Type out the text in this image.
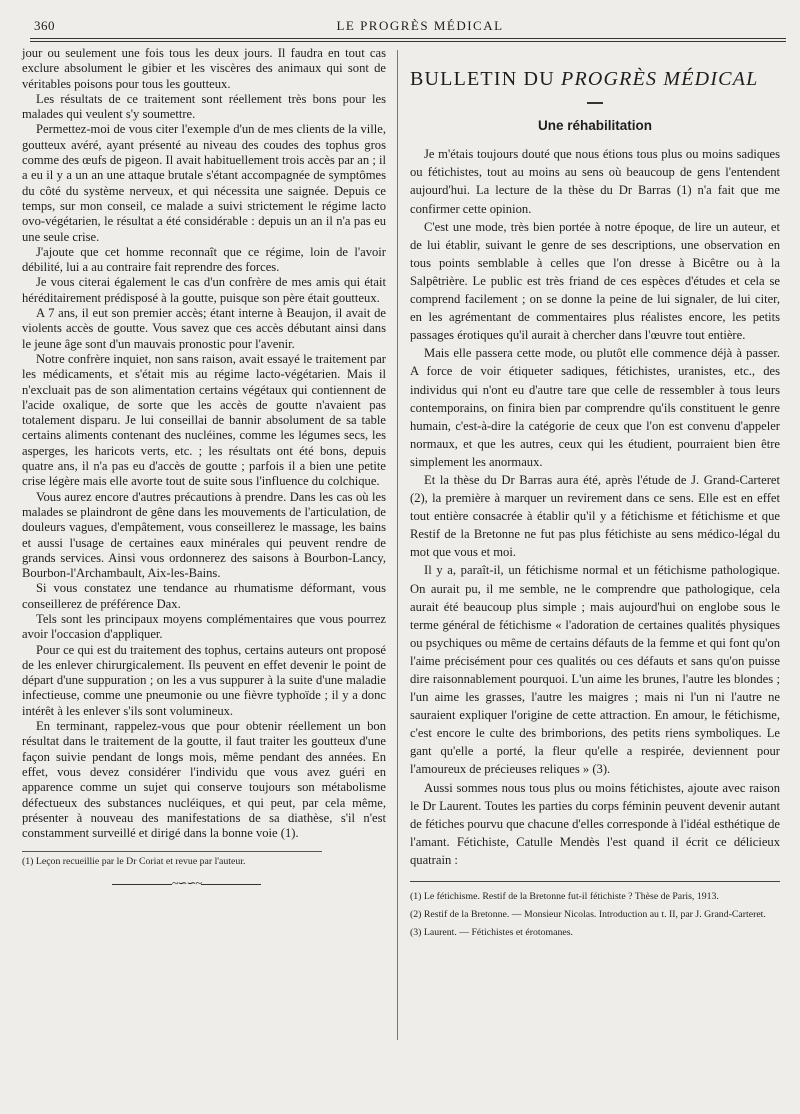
360	LE PROGRÈS MÉDICAL

jour ou seulement une fois tous les deux jours. Il faudra en tout cas exclure absolument le gibier et les viscères des animaux qui sont de véritables poisons pour tous les goutteux.

Les résultats de ce traitement sont réellement très bons pour les malades qui veulent s'y soumettre.

Permettez-moi de vous citer l'exemple d'un de mes clients de la ville, goutteux avéré, ayant présenté au niveau des coudes des tophus gros comme des œufs de pigeon. Il avait habituellement trois accès par an ; il a eu il y a un an une attaque brutale s'étant accompagnée de symptômes du côté du système nerveux, et qui nécessita une saignée. Depuis ce temps, sur mon conseil, ce malade a suivi strictement le régime lacto ovo-végétarien, le résultat a été considérable : depuis un an il n'a pas eu une seule crise.

J'ajoute que cet homme reconnaît que ce régime, loin de l'avoir débilité, lui a au contraire fait reprendre des forces.

Je vous citerai également le cas d'un confrère de mes amis qui était héréditairement prédisposé à la goutte, puisque son père était goutteux.

A 7 ans, il eut son premier accès; étant interne à Beaujon, il avait de violents accès de goutte. Vous savez que ces accès débutant ainsi dans le jeune âge sont d'un mauvais pronostic pour l'avenir.

Notre confrère inquiet, non sans raison, avait essayé le traitement par les médicaments, et s'était mis au régime lacto-végétarien. Mais il n'excluait pas de son alimentation certains végétaux qui contiennent de l'acide oxalique, de sorte que les accès de goutte n'avaient pas totalement disparu. Je lui conseillai de bannir absolument de sa table certains aliments contenant des nucléines, comme les légumes secs, les asperges, les haricots verts, etc. ; les résultats ont été bons, depuis quatre ans, il n'a pas eu d'accès de goutte ; parfois il a bien une petite crise légère mais elle avorte tout de suite sous l'influence du colchique.

Vous aurez encore d'autres précautions à prendre. Dans les cas où les malades se plaindront de gêne dans les mouvements de l'articulation, de douleurs vagues, d'empâtement, vous conseillerez le massage, les bains et aussi l'usage de certaines eaux minérales qui peuvent rendre de grands services. Ainsi vous ordonnerez des saisons à Bourbon-Lancy, Bourbon-l'Archambault, Aix-les-Bains.

Si vous constatez une tendance au rhumatisme déformant, vous conseillerez de préférence Dax.

Tels sont les principaux moyens complémentaires que vous pourrez avoir l'occasion d'appliquer.

Pour ce qui est du traitement des tophus, certains auteurs ont proposé de les enlever chirurgicalement. Ils peuvent en effet devenir le point de départ d'une suppuration ; on les a vus suppurer à la suite d'une maladie infectieuse, comme une pneumonie ou une fièvre typhoïde ; il y a donc intérêt à les enlever s'ils sont volumineux.

En terminant, rappelez-vous que pour obtenir réellement un bon résultat dans le traitement de la goutte, il faut traiter les goutteux d'une façon suivie pendant de longs mois, même pendant des années. En effet, vous devez considérer l'individu que vous avez guéri en apparence comme un sujet qui conserve toujours son métabolisme défectueux des substances nucléiques, et qui peut, par cela même, présenter à nouveau des manifestations de sa diathèse, s'il n'est constamment surveillé et dirigé dans la bonne voie (1).

(1) Leçon recueillie par le Dr Coriat et revue par l'auteur.

~∽∽~
BULLETIN DU PROGRÈS MÉDICAL
Une réhabilitation

Je m'étais toujours douté que nous étions tous plus ou moins sadiques ou fétichistes, tout au moins au sens où beaucoup de gens l'entendent aujourd'hui. La lecture de la thèse du Dr Barras (1) n'a fait que me confirmer cette opinion.

C'est une mode, très bien portée à notre époque, de lire un auteur, et de lui établir, suivant le genre de ses descriptions, une observation en tous points semblable à celles que l'on dresse à Bicêtre ou à la Salpêtrière. Le public est très friand de ces espèces d'études et cela se comprend facilement ; on se donne la peine de lui signaler, de lui citer, en les agrémentant de commentaires plus réalistes encore, les petits passages érotiques qu'il aurait à chercher dans l'œuvre tout entière.

Mais elle passera cette mode, ou plutôt elle commence déjà à passer. A force de voir étiqueter sadiques, fétichistes, uranistes, etc., des individus qui n'ont eu d'autre tare que celle de ressembler à tous leurs contemporains, on finira bien par comprendre qu'ils constituent le genre humain, c'est-à-dire la catégorie de ceux que l'on est convenu d'appeler normaux, et que les autres, ceux qui les étudient, pourraient bien être simplement les anormaux.

Et la thèse du Dr Barras aura été, après l'étude de J. Grand-Carteret (2), la première à marquer un revirement dans ce sens. Elle est en effet tout entière consacrée à établir qu'il y a fétichisme et fétichisme et que Restif de la Bretonne ne fut pas plus fétichiste au sens médico-légal du mot que vous et moi.

Il y a, paraît-il, un fétichisme normal et un fétichisme pathologique. On aurait pu, il me semble, ne le comprendre que pathologique, cela aurait été beaucoup plus simple ; mais aujourd'hui on englobe sous le terme général de fétichisme « l'adoration de certaines qualités physiques ou psychiques ou même de certains défauts de la femme et qui font qu'on l'aime précisément pour ces qualités ou ces défauts et sans qu'on puisse dire raisonnablement pourquoi. L'un aime les brunes, l'autre les blondes ; l'un aime les grasses, l'autre les maigres ; mais ni l'un ni l'autre ne sauraient expliquer l'origine de cette attraction. En amour, le fétichisme, c'est encore le culte des brimborions, des petits riens symboliques. Le gant qu'elle a porté, la fleur qu'elle a respirée, deviennent pour l'amoureux de précieuses reliques » (3).

Aussi sommes nous tous plus ou moins fétichistes, ajoute avec raison le Dr Laurent. Toutes les parties du corps féminin peuvent devenir autant de fétiches pourvu que chacune d'elles corresponde à l'idéal esthétique de l'amant. Fétichiste, Catulle Mendès l'est quand il écrit ce délicieux quatrain :

(1) Le fétichisme. Restif de la Bretonne fut-il fétichiste ? Thèse de Paris, 1913.

(2) Restif de la Bretonne. — Monsieur Nicolas. Introduction au t. II, par J. Grand-Carteret.

(3) Laurent. — Fétichistes et érotomanes.
